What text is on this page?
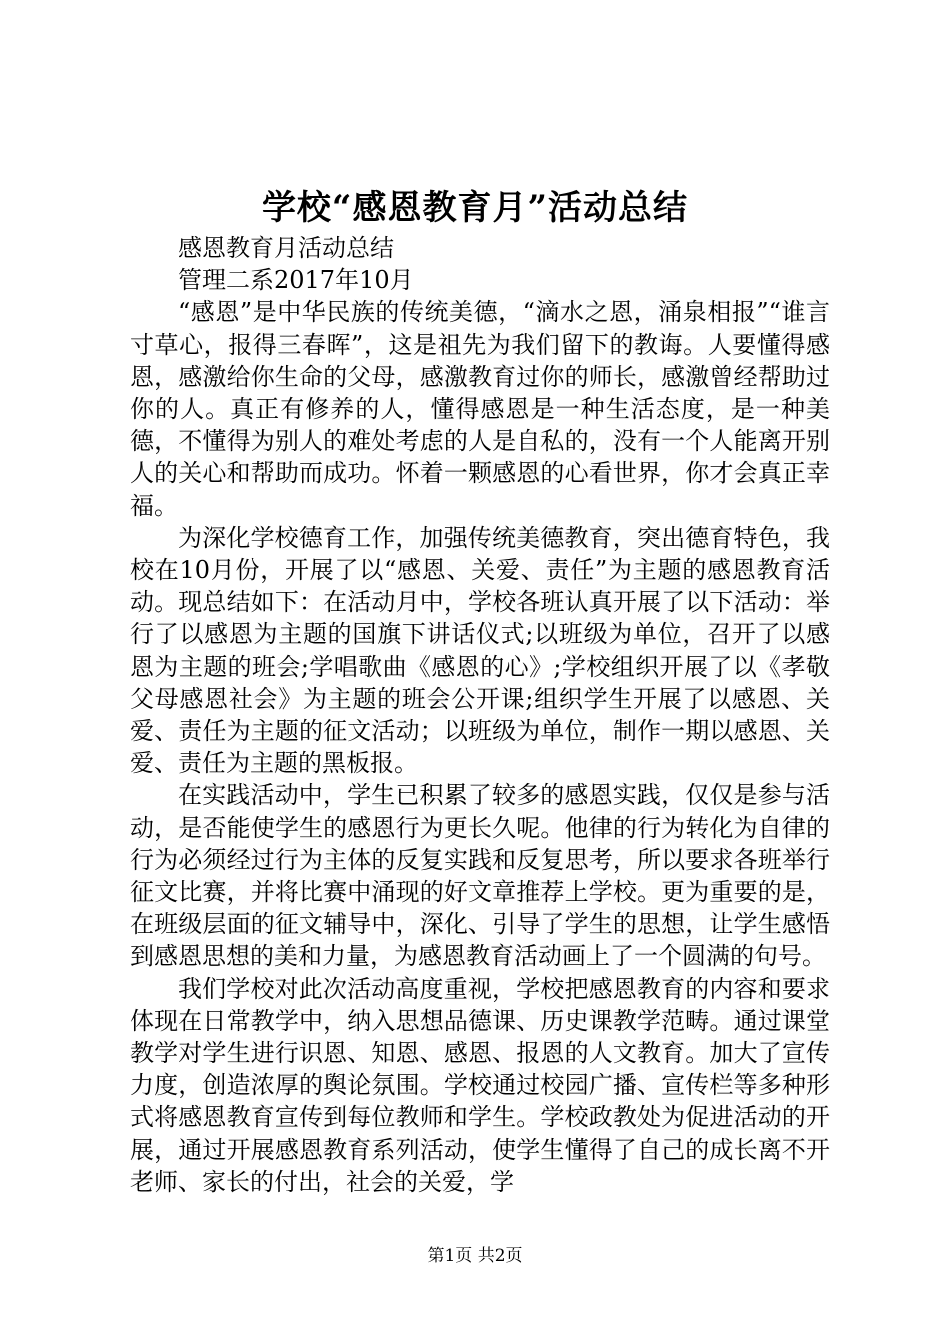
学校“感恩教育月”活动总结

感恩教育月活动总结

管理二系2017年10月

“感恩”是中华民族的传统美德，“滴水之恩，涌泉相报”“谁言寸草心，报得三春晖”，这是祖先为我们留下的教诲。人要懂得感恩，感激给你生命的父母，感激教育过你的师长，感激曾经帮助过你的人。真正有修养的人，懂得感恩是一种生活态度，是一种美德，不懂得为别人的难处考虑的人是自私的，没有一个人能离开别人的关心和帮助而成功。怀着一颗感恩的心看世界，你才会真正幸福。

为深化学校德育工作，加强传统美德教育，突出德育特色，我校在10月份，开展了以“感恩、关爱、责任”为主题的感恩教育活动。现总结如下：在活动月中，学校各班认真开展了以下活动：举行了以感恩为主题的国旗下讲话仪式;以班级为单位，召开了以感恩为主题的班会;学唱歌曲《感恩的心》;学校组织开展了以《孝敬父母感恩社会》为主题的班会公开课;组织学生开展了以感恩、关爱、责任为主题的征文活动；以班级为单位，制作一期以感恩、关爱、责任为主题的黑板报。

在实践活动中，学生已积累了较多的感恩实践，仅仅是参与活动，是否能使学生的感恩行为更长久呢。他律的行为转化为自律的行为必须经过行为主体的反复实践和反复思考，所以要求各班举行征文比赛，并将比赛中涌现的好文章推荐上学校。更为重要的是，在班级层面的征文辅导中，深化、引导了学生的思想，让学生感悟到感恩思想的美和力量，为感恩教育活动画上了一个圆满的句号。

我们学校对此次活动高度重视，学校把感恩教育的内容和要求体现在日常教学中，纳入思想品德课、历史课教学范畴。通过课堂教学对学生进行识恩、知恩、感恩、报恩的人文教育。加大了宣传力度，创造浓厚的舆论氛围。学校通过校园广播、宣传栏等多种形式将感恩教育宣传到每位教师和学生。学校政教处为促进活动的开展，通过开展感恩教育系列活动，使学生懂得了自己的成长离不开老师、家长的付出，社会的关爱，学

第1页 共2页
